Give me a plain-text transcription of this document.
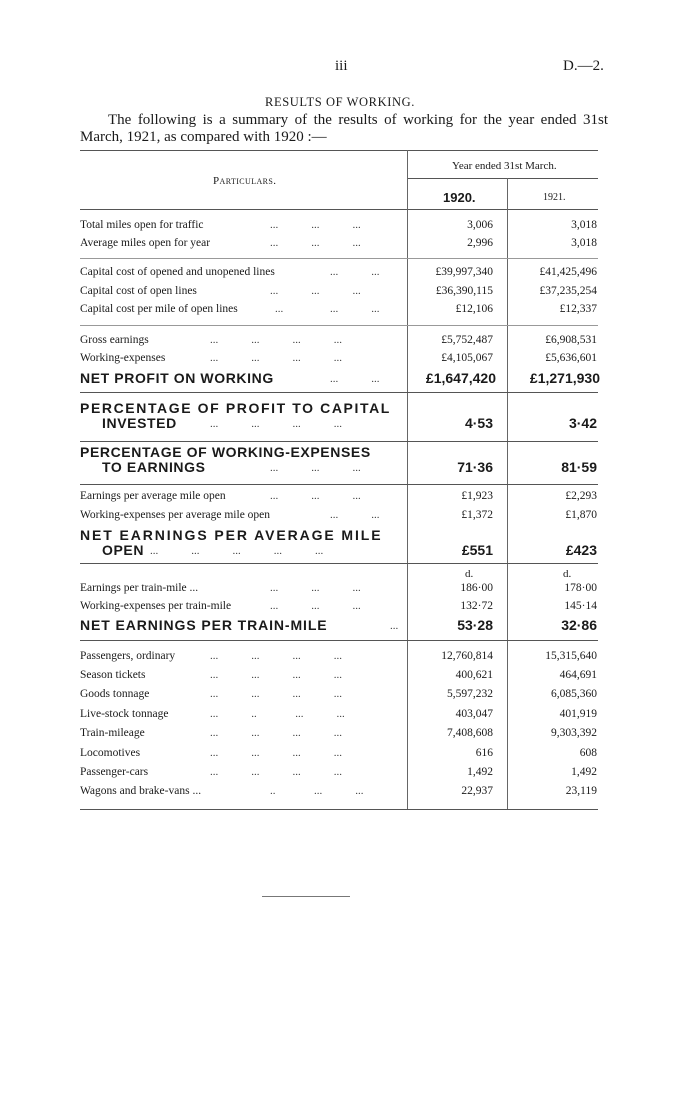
iii	D.—2.
RESULTS OF WORKING.
The following is a summary of the results of working for the year ended 31st March, 1921, as compared with 1920 :—
Year ended 31st March.
Particulars.
1920.	1921.
Total miles open for traffic	...            ...            ...	3,006	3,018
Average miles open for year	...            ...            ...	2,996	3,018
Capital cost of opened and unopened lines	...            ...	£39,997,340	£41,425,496
Capital cost of open lines	...            ...            ...	£36,390,115	£37,235,254
Capital cost per mile of open lines	...                 ...            ...	£12,106	£12,337
Gross earnings	...            ...            ...            ...	£5,752,487	£6,908,531
Working-expenses	...            ...            ...            ...	£4,105,067	£5,636,601
NET PROFIT ON WORKING	...            ...	£1,647,420 £1,271,930
PERCENTAGE OF PROFIT TO CAPITAL
INVESTED	...            ...            ...            ...	4·53	3·42
PERCENTAGE OF WORKING-EXPENSES
TO EARNINGS	...            ...            ...	71·36	81·59
Earnings per average mile open	...            ...            ...	£1,923	£2,293
Working-expenses per average mile open	...            ...	£1,372	£1,870
NET EARNINGS PER AVERAGE MILE
OPEN ...            ...            ...            ...            ...	£551	£423
d.	d.
Earnings per train-mile ...	...            ...            ...	186·00	178·00
Working-expenses per train-mile	...            ...            ...	132·72	145·14
NET EARNINGS PER TRAIN-MILE	...	53·28	32·86
Passengers, ordinary	...            ...            ...            ...	12,760,814	15,315,640
Season tickets	...            ...            ...            ...	400,621	464,691
Goods tonnage	...            ...            ...            ...	5,597,232	6,085,360
Live-stock tonnage	...            ..              ...            ...	403,047	401,919
Train-mileage	...            ...            ...            ...	7,408,608	9,303,392
Locomotives	...            ...            ...            ...	616	608
Passenger-cars	...            ...            ...            ...	1,492	1,492
Wagons and brake-vans ...	..              ...            ...	22,937	23,119
